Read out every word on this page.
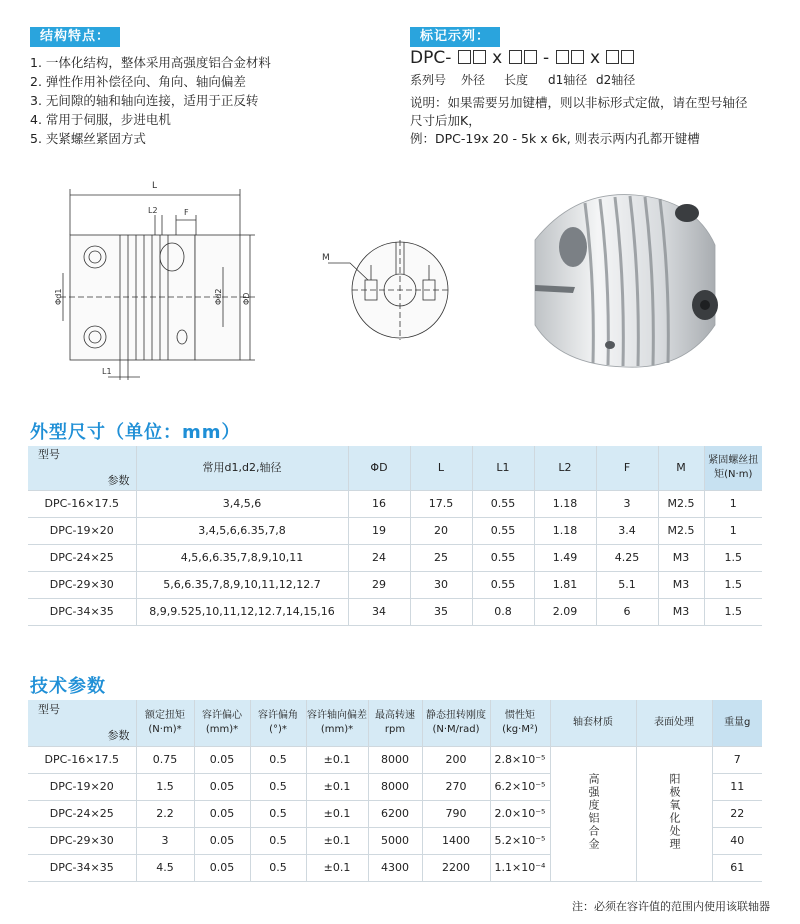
结构特点：
1. 一体化结构，整体采用高强度铝合金材料
2. 弹性作用补偿径向、角向、轴向偏差
3. 无间隙的轴和轴向连接，适用于正反转
4. 常用于伺服，步进电机
5. 夹紧螺丝紧固方式
标记示列：
DPC- x - x
系列号 外径 长度 d1轴径 d2轴径
说明：如果需要另加键槽，则以非标形式定做，请在型号轴径
尺寸后加K，
例：DPC-19x 20 - 5k x 6k, 则表示两内孔都开键槽
L
L2	F
Φd1	Φd2 ΦD
L1
M
外型尺寸（单位：mm）
参数
型号	常用d1,d2,轴径	ΦD	L	L1	L2	F	M	紧固螺丝扭矩(N·m)
DPC-16×17.5	3,4,5,6	16	17.5	0.55	1.18	3	M2.5	1
DPC-19×20	3,4,5,6,6.35,7,8	19	20	0.55	1.18	3.4	M2.5	1
DPC-24×25	4,5,6,6.35,7,8,9,10,11	24	25	0.55	1.49	4.25	M3	1.5
DPC-29×30	5,6,6.35,7,8,9,10,11,12,12.7	29	30	0.55	1.81	5.1	M3	1.5
DPC-34×35	8,9,9.525,10,11,12,12.7,14,15,16	34	35	0.8	2.09	6	M3	1.5
技术参数
参数
型号	额定扭矩(N·m)*	容许偏心(mm)*	容许偏角(°)*	容许轴向偏差(mm)*	最高转速rpm	静态扭转刚度(N·M/rad)	惯性矩(kg·M²)	轴套材质	表面处理	重量g
DPC-16×17.5	0.75	0.05	0.5	±0.1	8000	200	2.8×10⁻⁵	高强度铝合金	阳极氧化处理	7
DPC-19×20	1.5	0.05	0.5	±0.1	8000	270	6.2×10⁻⁵			11
DPC-24×25	2.2	0.05	0.5	±0.1	6200	790	2.0×10⁻⁵			22
DPC-29×30	3	0.05	0.5	±0.1	5000	1400	5.2×10⁻⁵			40
DPC-34×35	4.5	0.05	0.5	±0.1	4300	2200	1.1×10⁻⁴			61
注：必须在容许值的范围内使用该联轴器
